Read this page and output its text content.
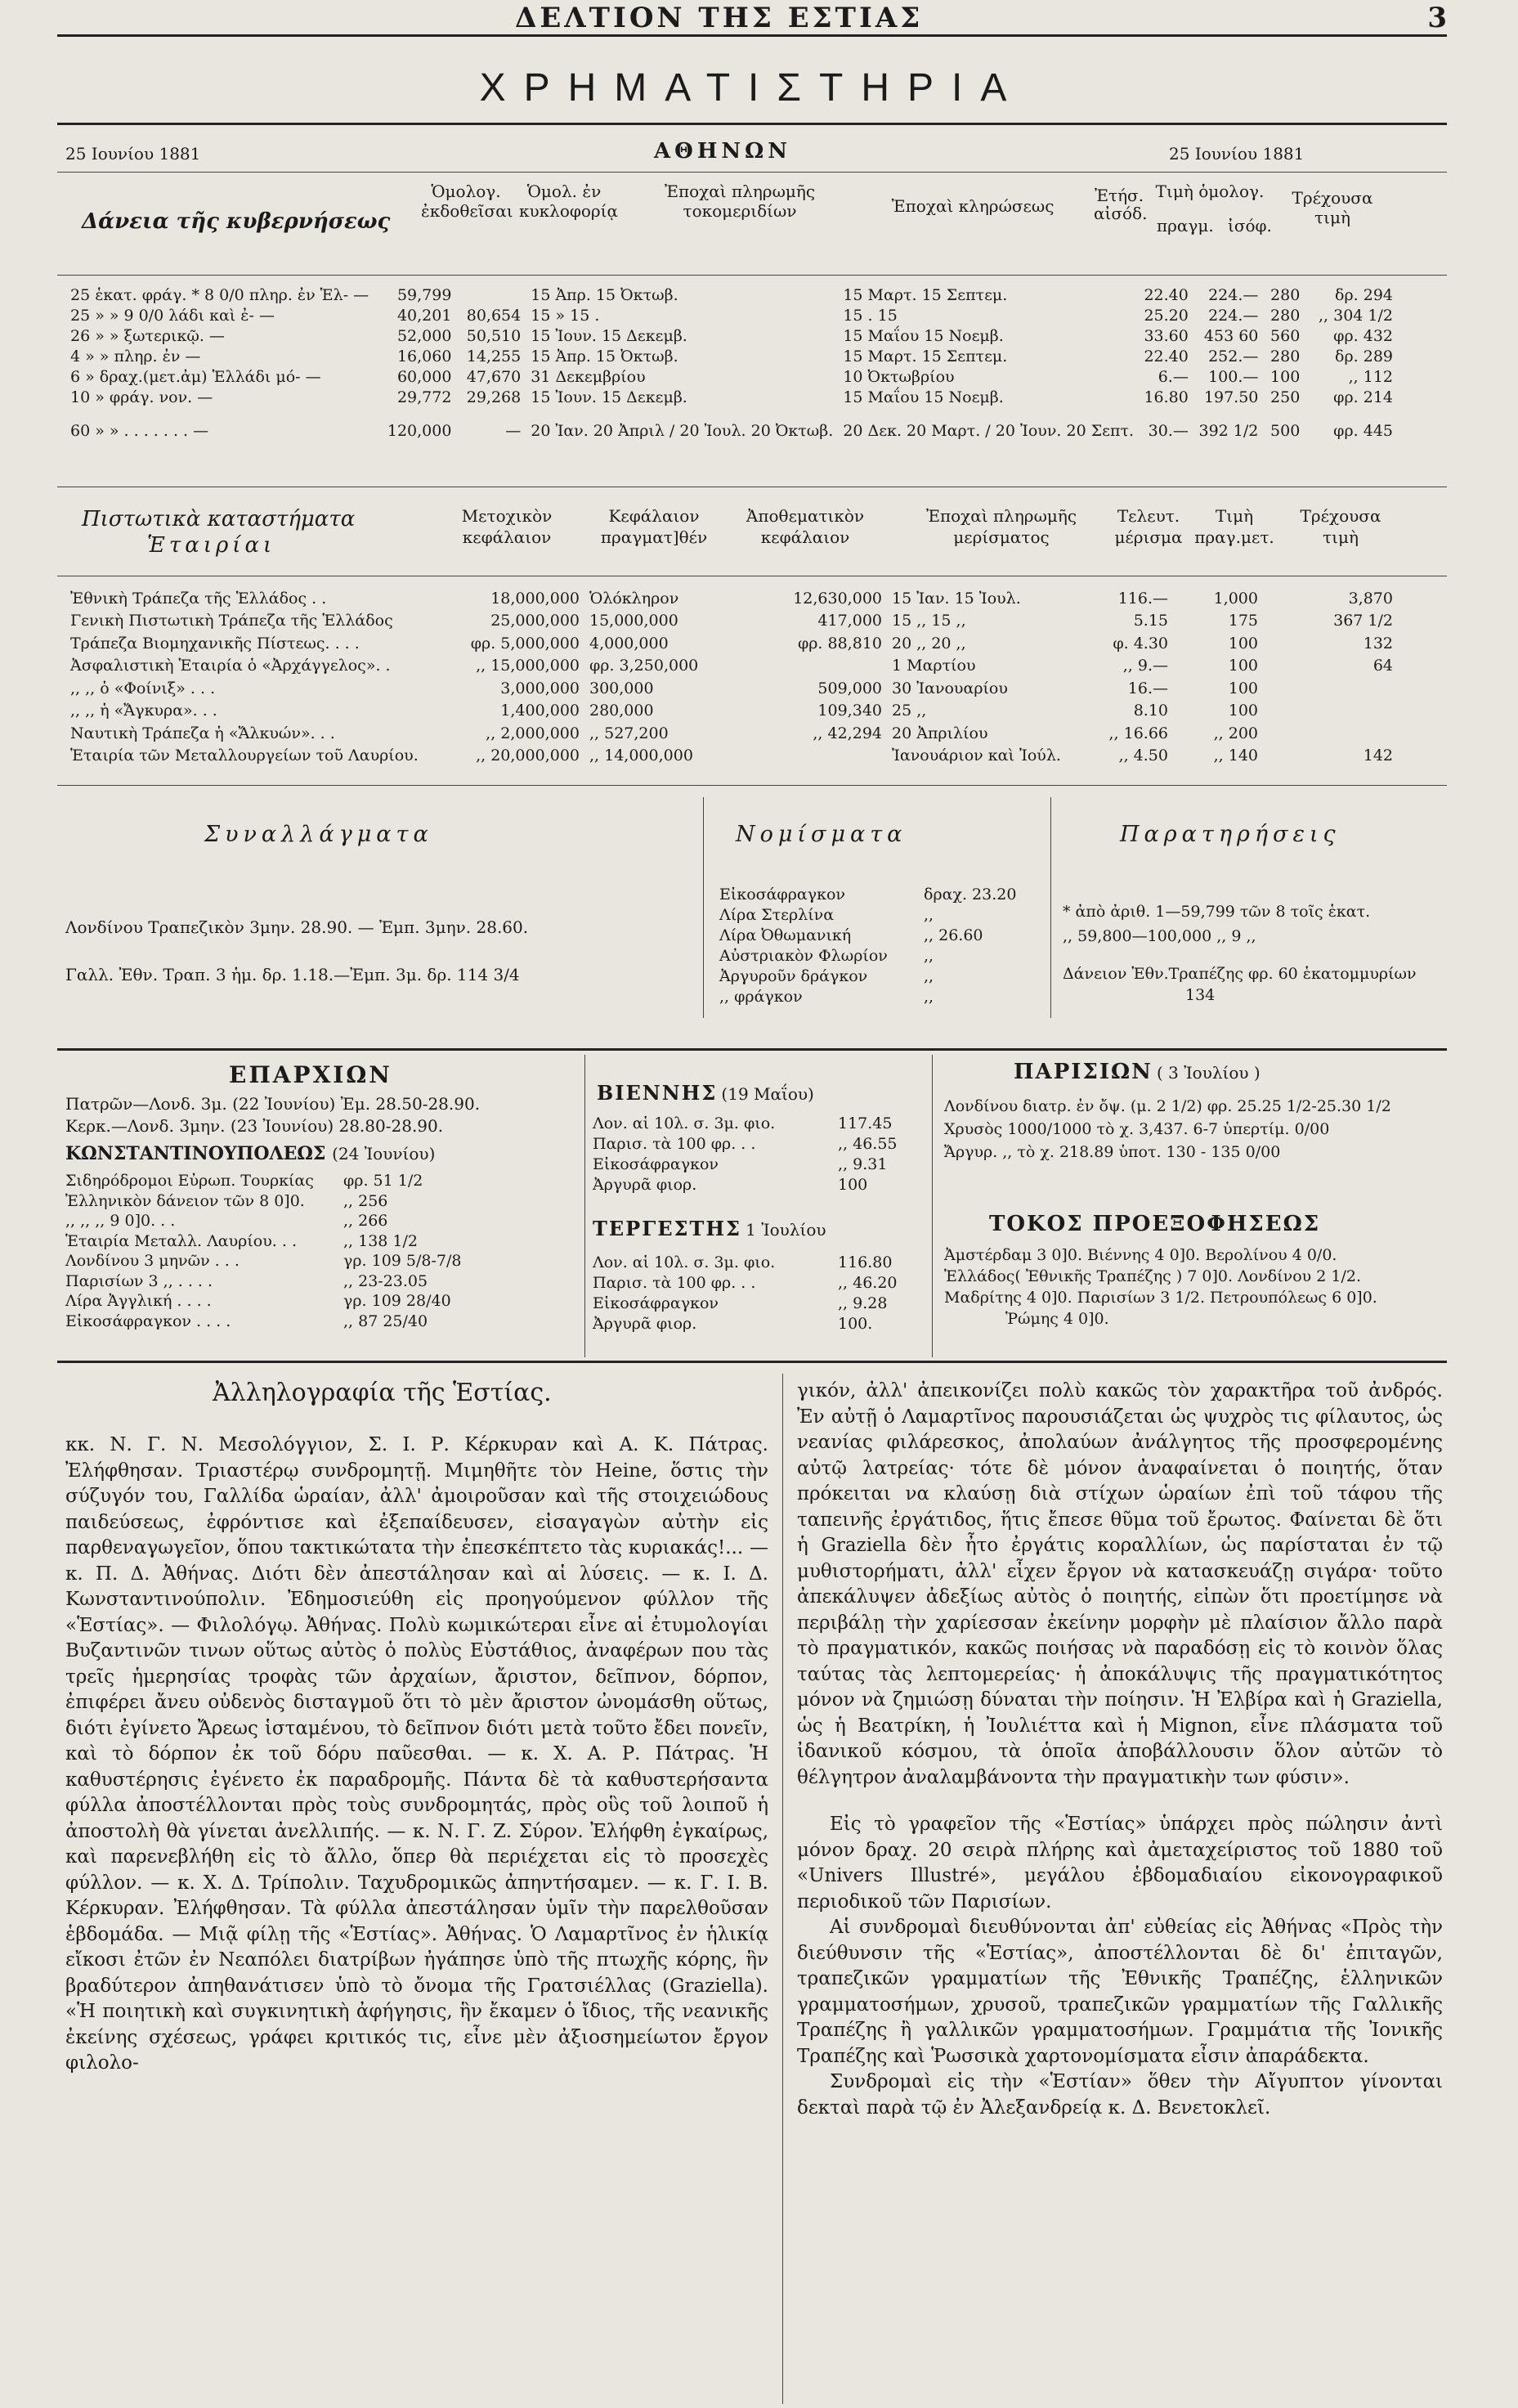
ΔΕΛΤΙΟΝ ΤΗΣ ΕΣΤΙΑΣ	3
ΧΡΗΜΑΤΙΣΤΗΡΙΑ
25 Ιουνίου 1881	ΑΘΗΝΩΝ	25 Ιουνίου 1881
Δάνεια τῆς κυβερνήσεως
Ὁμολογ. ἐκδοθεῖσαι
Ὁμολ. ἐν κυκλοφορίᾳ
Ἐποχαὶ πληρωμῆς τοκομεριδίων	Ἐποχαὶ κληρώσεως
Ἐτήσ. αἰσόδ.
Τιμὴ ὁμολογ.
πραγμ. ἰσόφ.
Τρέχουσα τιμὴ
25 ἑκατ. φράγ. * 8 0/0 πληρ. ἐν Ἑλ- —	59,799		15 Ἀπρ. 15 Ὀκτωβ.	15 Μαρτ. 15 Σεπτεμ.	22.40	224.—	280	δρ. 294
25 » » 9 0/0 λάδι καὶ ἐ- —	40,201	80,654	15 » 15 .	15 . 15	25.20	224.—	280	,, 304 1/2
26 » » ξωτερικῷ. —	52,000	50,510	15 Ἰουν. 15 Δεκεμβ.	15 Μαΐου 15 Νοεμβ.	33.60	453 60	560	φρ. 432
4 » » πληρ. ἐν —	16,060	14,255	15 Ἀπρ. 15 Ὀκτωβ.	15 Μαρτ. 15 Σεπτεμ.	22.40	252.—	280	δρ. 289
6 » δραχ.(μετ.ἀμ) Ἑλλάδι μό- —	60,000	47,670	31 Δεκεμβρίου	10 Ὀκτωβρίου	6.—	100.—	100	,, 112
10 » φράγ. νον. —	29,772	29,268	15 Ἰουν. 15 Δεκεμβ.	15 Μαΐου 15 Νοεμβ.	16.80	197.50	250	φρ. 214
60 » » . . . . . . . —	120,000	—	20 Ἰαν. 20 Ἀπριλ / 20 Ἰουλ. 20 Ὀκτωβ.	20 Δεκ. 20 Μαρτ. / 20 Ἰουν. 20 Σεπτ.	30.—	392 1/2	500	φρ. 445
Πιστωτικὰ καταστήματα
Ἑταιρίαι
Μετοχικὸν κεφάλαιον
Κεφάλαιον πραγματ]θέν
Ἀποθεματικὸν κεφάλαιον
Ἐποχαὶ πληρωμῆς μερίσματος
Τελευτ. μέρισμα
Τιμὴ πραγ.μετ.
Τρέχουσα τιμὴ
Ἐθνικὴ Τράπεζα τῆς Ἑλλάδος . .	18,000,000	Ὁλόκληρον	12,630,000	15 Ἰαν. 15 Ἰουλ.	116.—	1,000	3,870
Γενικὴ Πιστωτικὴ Τράπεζα τῆς Ἑλλάδος	25,000,000	15,000,000	417,000	15 ,, 15 ,,	5.15	175	367 1/2
Τράπεζα Βιομηχανικῆς Πίστεως. . . .	φρ. 5,000,000	4,000,000	φρ. 88,810	20 ,, 20 ,,	φ. 4.30	100	132
Ἀσφαλιστικὴ Ἑταιρία ὁ «Ἀρχάγγελος». .	,, 15,000,000	φρ. 3,250,000		1 Μαρτίου	,, 9.—	100	64
,, ,, ὁ «Φοίνιξ» . . .	3,000,000	300,000	509,000	30 Ἰανουαρίου	16.—	100	
,, ,, ἡ «Ἄγκυρα». . .	1,400,000	280,000	109,340	25 ,,	8.10	100	
Ναυτικὴ Τράπεζα ἡ «Ἄλκυών». . .	,, 2,000,000	,, 527,200	,, 42,294	20 Ἀπριλίου	,, 16.66	,, 200	
Ἑταιρία τῶν Μεταλλουργείων τοῦ Λαυρίου.	,, 20,000,000	,, 14,000,000		Ἰανουάριον καὶ Ἰούλ.	,, 4.50	,, 140	142
Συναλλάγματα
Λονδίνου Τραπεζικὸν 3μην. 28.90. — Ἐμπ. 3μην. 28.60.
Γαλλ. Ἐθν. Τραπ. 3 ἡμ. δρ. 1.18.—Ἐμπ. 3μ. δρ. 114 3/4
Νομίσματα
Εἰκοσάφραγκον	δραχ. 23.20
Λίρα Στερλίνα	,,
Λίρα Ὀθωμανική	,, 26.60
Αὐστριακὸν Φλωρίον ,,
Ἀργυροῦν δράγκον	,,
,, φράγκον	,,
Παρατηρήσεις
* ἀπὸ ἀριθ. 1—59,799 τῶν 8 τοῖς ἑκατ.
,, 59,800—100,000 ,, 9 ,,
Δάνειον Ἐθν.Τραπέζης φρ. 60 ἑκατομμυρίων
134
ΕΠΑΡΧΙΩΝ
Πατρῶν—Λονδ. 3μ. (22 Ἰουνίου) Ἐμ. 28.50-28.90.
Κερκ.—Λονδ. 3μην. (23 Ἰουνίου) 28.80-28.90.
ΚΩΝΣΤΑΝΤΙΝΟΥΠΟΛΕΩΣ (24 Ἰουνίου)
Σιδηρόδρομοι Εὐρωπ. Τουρκίας φρ. 51 1/2
Ἑλληνικὸν δάνειον τῶν 8 0]0. ,, 256
,, ,, ,, 9 0]0. . .	,, 266
Ἑταιρία Μεταλλ. Λαυρίου. . .	,, 138 1/2
Λονδίνου 3 μηνῶν . . .	γρ. 109 5/8-7/8
Παρισίων 3 ,, . . . .	,, 23-23.05
Λίρα Ἀγγλική . . . .	γρ. 109 28/40
Εἰκοσάφραγκον . . . .	,, 87 25/40
ΒΙΕΝΝΗΣ (19 Μαΐου)
Λον. αἱ 10λ. σ. 3μ. φιο.	117.45
Παρισ. τὰ 100 φρ. . .	,, 46.55
Εἰκοσάφραγκον	,, 9.31
Ἀργυρᾶ φιορ.	100
ΤΕΡΓΕΣΤΗΣ 1 Ἰουλίου
Λον. αἱ 10λ. σ. 3μ. φιο.	116.80
Παρισ. τὰ 100 φρ. . .	,, 46.20
Εἰκοσάφραγκον	,, 9.28
Ἀργυρᾶ φιορ.	100.
ΠΑΡΙΣΙΩΝ ( 3 Ἰουλίου )
Λονδίνου διατρ. ἐν ὄψ. (μ. 2 1/2) φρ. 25.25 1/2-25.30 1/2
Χρυσὸς 1000/1000 τὸ χ. 3,437. 6-7 ὑπερτίμ. 0/00
Ἄργυρ. ,, τὸ χ. 218.89 ὑποτ. 130 - 135 0/00
ΤΟΚΟΣ ΠΡΟΕΞΟΦΗΣΕΩΣ
Ἀμστέρδαμ 3 0]0. Βιέννης 4 0]0. Βερολίνου 4 0/0.
Ἑλλάδος( Ἐθνικῆς Τραπέζης ) 7 0]0. Λονδίνου 2 1/2.
Μαδρίτης 4 0]0. Παρισίων 3 1/2. Πετρουπόλεως 6 0]0.
Ῥώμης 4 0]0.
Ἀλληλογραφία τῆς Ἑστίας.

κκ. Ν. Γ. Ν. Μεσολόγγιον, Σ. Ι. Ρ. Κέρκυραν καὶ Α. Κ. Πάτρας. Ἐλήφθησαν. Τριαστέρῳ συνδρομητῇ. Μιμηθῆτε τὸν Heine, ὅστις τὴν σύζυγόν του, Γαλλίδα ὡραίαν, ἀλλ' ἀμοιροῦσαν καὶ τῆς στοιχειώδους παιδεύσεως, ἐφρόντισε καὶ ἐξεπαίδευσεν, εἰσαγαγὼν αὐτὴν εἰς παρθεναγωγεῖον, ὅπου τακτικώτατα τὴν ἐπεσκέπτετο τὰς κυριακάς!... — κ. Π. Δ. Ἀθήνας. Διότι δὲν ἀπεστάλησαν καὶ αἱ λύσεις. — κ. Ι. Δ. Κωνσταντινούπολιν. Ἐδημοσιεύθη εἰς προηγούμενον φύλλον τῆς «Ἑστίας». — Φιλολόγῳ. Ἀθήνας. Πολὺ κωμικώτεραι εἶνε αἱ ἐτυμολογίαι Βυζαντινῶν τινων οὕτως αὐτὸς ὁ πολὺς Εὐστάθιος, ἀναφέρων που τὰς τρεῖς ἡμερησίας τροφὰς τῶν ἀρχαίων, ἄριστον, δεῖπνον, δόρπον, ἐπιφέρει ἄνευ οὐδενὸς δισταγμοῦ ὅτι τὸ μὲν ἄριστον ὠνομάσθη οὕτως, διότι ἐγίνετο Ἄρεως ἱσταμένου, τὸ δεῖπνον διότι μετὰ τοῦτο ἔδει πονεῖν, καὶ τὸ δόρπον ἐκ τοῦ δόρυ παῦεσθαι. — κ. Χ. Α. Ρ. Πάτρας. Ἡ καθυστέρησις ἐγένετο ἐκ παραδρομῆς. Πάντα δὲ τὰ καθυστερήσαντα φύλλα ἀποστέλλονται πρὸς τοὺς συνδρομητάς, πρὸς οὓς τοῦ λοιποῦ ἡ ἀποστολὴ θὰ γίνεται ἀνελλιπής. — κ. Ν. Γ. Ζ. Σύρον. Ἐλήφθη ἐγκαίρως, καὶ παρενεβλήθη εἰς τὸ ἄλλο, ὅπερ θὰ περιέχεται εἰς τὸ προσεχὲς φύλλον. — κ. Χ. Δ. Τρίπολιν. Ταχυδρομικῶς ἀπηντήσαμεν. — κ. Γ. Ι. Β. Κέρκυραν. Ἐλήφθησαν. Τὰ φύλλα ἀπεστάλησαν ὑμῖν τὴν παρελθοῦσαν ἑβδομάδα. — Μιᾷ φίλῃ τῆς «Ἑστίας». Ἀθήνας. Ὁ Λαμαρτῖνος ἐν ἡλικίᾳ εἴκοσι ἐτῶν ἐν Νεαπόλει διατρίβων ἠγάπησε ὑπὸ τῆς πτωχῆς κόρης, ἣν βραδύτερον ἀπηθανάτισεν ὑπὸ τὸ ὄνομα τῆς Γρατσιέλλας (Graziella). «Ἡ ποιητικὴ καὶ συγκινητικὴ ἀφήγησις, ἣν ἔκαμεν ὁ ἴδιος, τῆς νεανικῆς ἐκείνης σχέσεως, γράφει κριτικός τις, εἶνε μὲν ἀξιοσημείωτον ἔργον φιλολο-

γικόν, ἀλλ' ἀπεικονίζει πολὺ κακῶς τὸν χαρακτῆρα τοῦ ἀνδρός. Ἐν αὐτῇ ὁ Λαμαρτῖνος παρουσιάζεται ὡς ψυχρὸς τις φίλαυτος, ὡς νεανίας φιλάρεσκος, ἀπολαύων ἀνάλγητος τῆς προσφερομένης αὐτῷ λατρείας· τότε δὲ μόνον ἀναφαίνεται ὁ ποιητής, ὅταν πρόκειται να κλαύσῃ διὰ στίχων ὡραίων ἐπὶ τοῦ τάφου τῆς ταπεινῆς ἐργάτιδος, ἥτις ἔπεσε θῦμα τοῦ ἔρωτος. Φαίνεται δὲ ὅτι ἡ Graziella δὲν ἦτο ἐργάτις κοραλλίων, ὡς παρίσταται ἐν τῷ μυθιστορήματι, ἀλλ' εἶχεν ἔργον νὰ κατασκευάζῃ σιγάρα· τοῦτο ἀπεκάλυψεν ἀδεξίως αὐτὸς ὁ ποιητής, εἰπὼν ὅτι προετίμησε νὰ περιβάλῃ τὴν χαρίεσσαν ἐκείνην μορφὴν μὲ πλαίσιον ἄλλο παρὰ τὸ πραγματικόν, κακῶς ποιήσας νὰ παραδόσῃ εἰς τὸ κοινὸν ὅλας ταύτας τὰς λεπτομερείας· ἡ ἀποκάλυψις τῆς πραγματικότητος μόνον νὰ ζημιώσῃ δύναται τὴν ποίησιν. Ἡ Ἐλβίρα καὶ ἡ Graziella, ὡς ἡ Βεατρίκη, ἡ Ἰουλιέττα καὶ ἡ Mignon, εἶνε πλάσματα τοῦ ἰδανικοῦ κόσμου, τὰ ὁποῖα ἀποβάλλουσιν ὅλον αὐτῶν τὸ θέλγητρον ἀναλαμβάνοντα τὴν πραγματικὴν των φύσιν».

Εἰς τὸ γραφεῖον τῆς «Ἑστίας» ὑπάρχει πρὸς πώλησιν ἀντὶ μόνον δραχ. 20 σειρὰ πλήρης καὶ ἀμεταχείριστος τοῦ 1880 τοῦ «Univers Illustré», μεγάλου ἑβδομαδιαίου εἰκονογραφικοῦ περιοδικοῦ τῶν Παρισίων.

Αἱ συνδρομαὶ διευθύνονται ἀπ' εὐθείας εἰς Ἀθήνας «Πρὸς τὴν διεύθυνσιν τῆς «Ἑστίας», ἀποστέλλονται δὲ δι' ἐπιταγῶν, τραπεζικῶν γραμματίων τῆς Ἐθνικῆς Τραπέζης, ἑλληνικῶν γραμματοσήμων, χρυσοῦ, τραπεζικῶν γραμματίων τῆς Γαλλικῆς Τραπέζης ἢ γαλλικῶν γραμματοσήμων. Γραμμάτια τῆς Ἰονικῆς Τραπέζης καὶ Ῥωσσικὰ χαρτονομίσματα εἶσιν ἀπαράδεκτα.

Συνδρομαὶ εἰς τὴν «Ἑστίαν» ὅθεν τὴν Αἴγυπτον γίνονται δεκταὶ παρὰ τῷ ἐν Ἀλεξανδρείᾳ κ. Δ. Βενετοκλεῖ.
